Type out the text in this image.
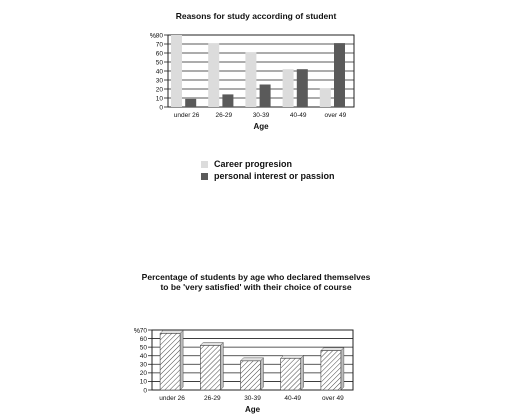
Reasons for study according of student
0
10
20
30
40
50
60
70
80
%
under 26 26-29	30-39	40-49	over 49
Age
Career progresion
personal interest or passion
Percentage of students by age who declared themselves
to be 'very satisfied' with their choice of course
0
10
20
30
40
50
60
70
%
under 26	26-29	30-39	40-49	over 49
Age
